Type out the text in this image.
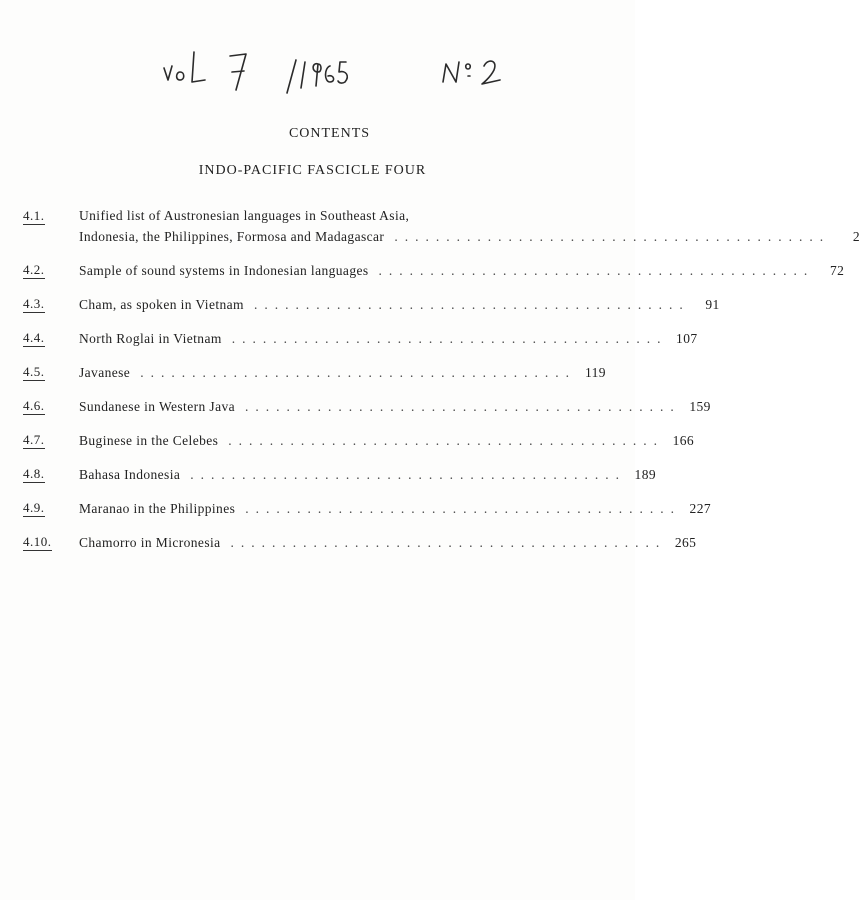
CONTENTS
INDO-PACIFIC FASCICLE FOUR
4.1.	Unified list of Austronesian languages in Southeast Asia,
Indonesia, the Philippines, Formosa and Madagascar ..........................................	2
4.2.	Sample of sound systems in Indonesian languages ..........................................	72
4.3.	Cham, as spoken in Vietnam ..........................................	91
4.4.	North Roglai in Vietnam .......................................... 107
4.5.	Javanese .......................................... 119
4.6.	Sundanese in Western Java .......................................... 159
4.7.	Buginese in the Celebes .......................................... 166
4.8.	Bahasa Indonesia .......................................... 189
4.9.	Maranao in the Philippines .......................................... 227
4.10. Chamorro in Micronesia .......................................... 265
